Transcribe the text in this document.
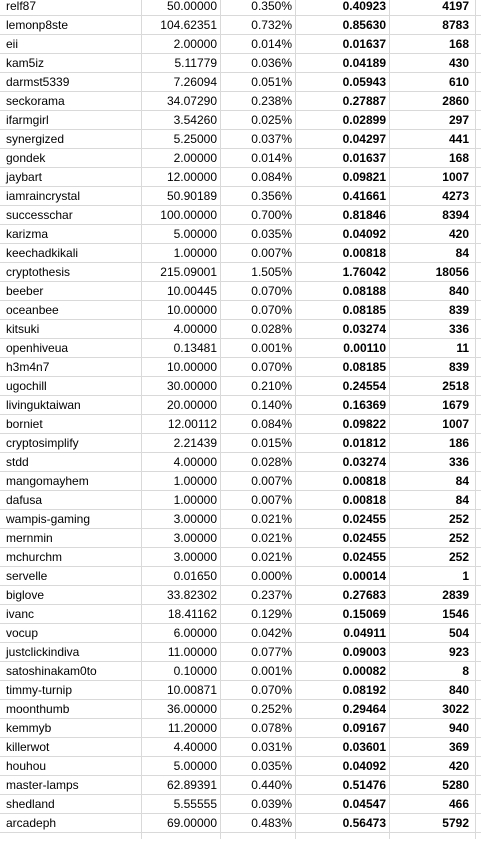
relf87	50.00000	0.350%	0.40923	4197
lemonp8ste	104.62351	0.732%	0.85630	8783
eii	2.00000	0.014%	0.01637	168
kam5iz	5.11779	0.036%	0.04189	430
darmst5339	7.26094	0.051%	0.05943	610
seckorama	34.07290	0.238%	0.27887	2860
ifarmgirl	3.54260	0.025%	0.02899	297
synergized	5.25000	0.037%	0.04297	441
gondek	2.00000	0.014%	0.01637	168
jaybart	12.00000	0.084%	0.09821	1007
iamraincrystal	50.90189	0.356%	0.41661	4273
successchar	100.00000	0.700%	0.81846	8394
karizma	5.00000	0.035%	0.04092	420
keechadkikali	1.00000	0.007%	0.00818	84
cryptothesis	215.09001	1.505%	1.76042	18056
beeber	10.00445	0.070%	0.08188	840
oceanbee	10.00000	0.070%	0.08185	839
kitsuki	4.00000	0.028%	0.03274	336
openhiveua	0.13481	0.001%	0.00110	11
h3m4n7	10.00000	0.070%	0.08185	839
ugochill	30.00000	0.210%	0.24554	2518
livinguktaiwan	20.00000	0.140%	0.16369	1679
borniet	12.00112	0.084%	0.09822	1007
cryptosimplify	2.21439	0.015%	0.01812	186
stdd	4.00000	0.028%	0.03274	336
mangomayhem	1.00000	0.007%	0.00818	84
dafusa	1.00000	0.007%	0.00818	84
wampis-gaming	3.00000	0.021%	0.02455	252
mernmin	3.00000	0.021%	0.02455	252
mchurchm	3.00000	0.021%	0.02455	252
servelle	0.01650	0.000%	0.00014	1
biglove	33.82302	0.237%	0.27683	2839
ivanc	18.41162	0.129%	0.15069	1546
vocup	6.00000	0.042%	0.04911	504
justclickindiva	11.00000	0.077%	0.09003	923
satoshinakam0to	0.10000	0.001%	0.00082	8
timmy-turnip	10.00871	0.070%	0.08192	840
moonthumb	36.00000	0.252%	0.29464	3022
kemmyb	11.20000	0.078%	0.09167	940
killerwot	4.40000	0.031%	0.03601	369
houhou	5.00000	0.035%	0.04092	420
master-lamps	62.89391	0.440%	0.51476	5280
shedland	5.55555	0.039%	0.04547	466
arcadeph	69.00000	0.483%	0.56473	5792
